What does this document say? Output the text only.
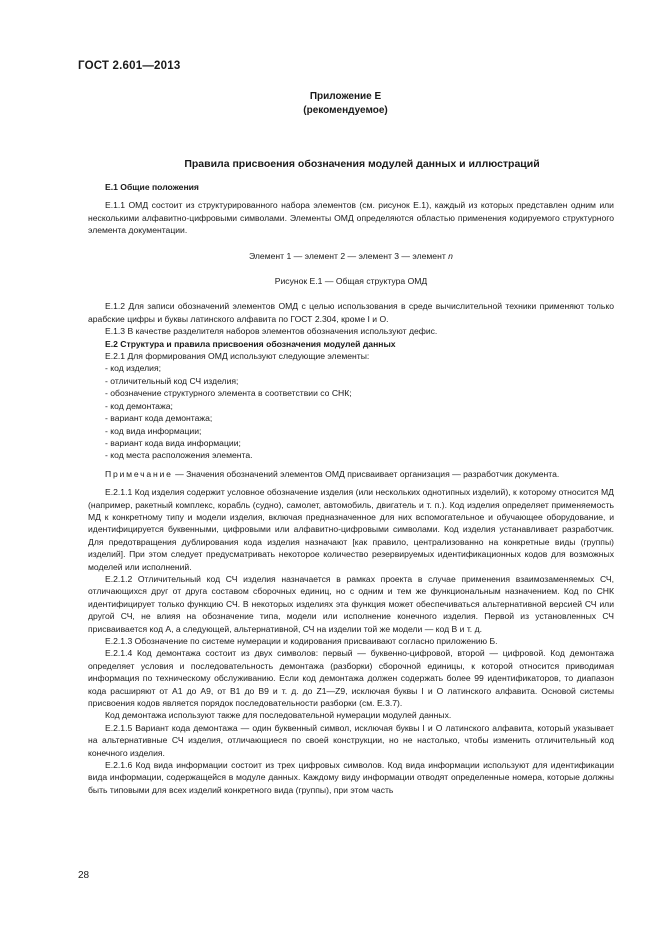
ГОСТ 2.601—2013
Приложение Е
(рекомендуемое)
Правила присвоения обозначения модулей данных и иллюстраций

Е.1 Общие положения

Е.1.1 ОМД состоит из структурированного набора элементов (см. рисунок Е.1), каждый из которых представлен одним или несколькими алфавитно-цифровыми символами. Элементы ОМД определяются областью применения кодируемого структурного элемента документации.

Элемент 1 — элемент 2 — элемент 3 — элемент n

Рисунок Е.1 — Общая структура ОМД

Е.1.2 Для записи обозначений элементов ОМД с целью использования в среде вычислительной техники применяют только арабские цифры и буквы латинского алфавита по ГОСТ 2.304, кроме I и O.

Е.1.3 В качестве разделителя наборов элементов обозначения используют дефис.

Е.2 Структура и правила присвоения обозначения модулей данных

Е.2.1 Для формирования ОМД используют следующие элементы:

- код изделия;

- отличительный код СЧ изделия;

- обозначение структурного элемента в соответствии со СНК;

- код демонтажа;

- вариант кода демонтажа;

- код вида информации;

- вариант кода вида информации;

- код места расположения элемента.

Примечание — Значения обозначений элементов ОМД присваивает организация — разработчик документа.

Е.2.1.1 Код изделия содержит условное обозначение изделия (или нескольких однотипных изделий), к которому относится МД (например, ракетный комплекс, корабль (судно), самолет, автомобиль, двигатель и т. п.). Код изделия определяет применяемость МД к конкретному типу и модели изделия, включая предназначенное для них вспомогательное и обучающее оборудование, и идентифицируется буквенными, цифровыми или алфавитно-цифровыми символами. Код изделия устанавливает разработчик. Для предотвращения дублирования кода изделия назначают [как правило, централизованно на конкретные виды (группы) изделий]. При этом следует предусматривать некоторое количество резервируемых идентификационных кодов для возможных моделей или исполнений.

Е.2.1.2 Отличительный код СЧ изделия назначается в рамках проекта в случае применения взаимозаменяемых СЧ, отличающихся друг от друга составом сборочных единиц, но с одним и тем же функциональным назначением. Код по СНК идентифицирует только функцию СЧ. В некоторых изделиях эта функция может обеспечиваться альтернативной версией СЧ или другой СЧ, не влияя на обозначение типа, модели или исполнение конечного изделия. Первой из установленных СЧ присваивается код А, а следующей, альтернативной, СЧ на изделии той же модели — код В и т. д.

Е.2.1.3 Обозначение по системе нумерации и кодирования присваивают согласно приложению Б.

Е.2.1.4 Код демонтажа состоит из двух символов: первый — буквенно-цифровой, второй — цифровой. Код демонтажа определяет условия и последовательность демонтажа (разборки) сборочной единицы, к которой относится приводимая информация по техническому обслуживанию. Если код демонтажа должен содержать более 99 идентификаторов, то диапазон кода расширяют от А1 до А9, от В1 до В9 и т. д. до Z1—Z9, исключая буквы I и O латинского алфавита. Основой системы присвоения кодов является порядок последовательности разборки (см. Е.3.7).

Код демонтажа используют также для последовательной нумерации модулей данных.

Е.2.1.5 Вариант кода демонтажа — один буквенный символ, исключая буквы I и O латинского алфавита, который указывает на альтернативные СЧ изделия, отличающиеся по своей конструкции, но не настолько, чтобы изменить отличительный код конечного изделия.

Е.2.1.6 Код вида информации состоит из трех цифровых символов. Код вида информации используют для идентификации вида информации, содержащейся в модуле данных. Каждому виду информации отводят определенные номера, которые должны быть типовыми для всех изделий конкретного вида (группы), при этом часть

28
